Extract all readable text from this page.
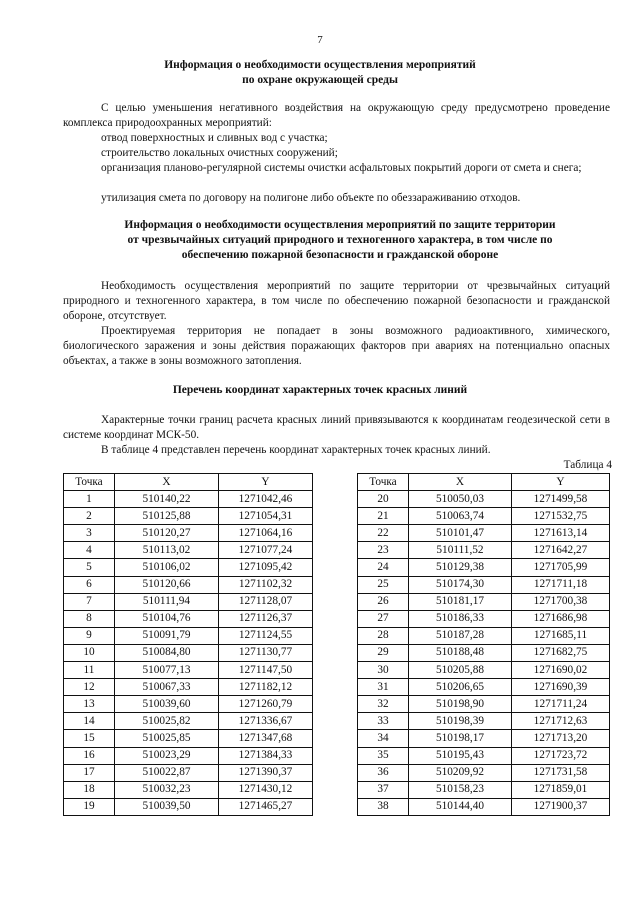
7
Информация о необходимости осуществления мероприятий
по охране окружающей среды
С целью уменьшения негативного воздействия на окружающую среду предусмотрено проведение комплекса природоохранных мероприятий:
отвод поверхностных и сливных вод с участка;
строительство локальных очистных сооружений;
организация планово-регулярной системы очистки асфальтовых покрытий дороги от смета и снега;
утилизация смета по договору на полигоне либо объекте по обеззараживанию отходов.
Информация о необходимости осуществления мероприятий по защите территории
от чрезвычайных ситуаций природного и техногенного характера, в том числе по
обеспечению пожарной безопасности и гражданской обороне
Необходимость осуществления мероприятий по защите территории от чрезвычайных ситуаций природного и техногенного характера, в том числе по обеспечению пожарной безопасности и гражданской обороне, отсутствует.
Проектируемая территория не попадает в зоны возможного радиоактивного, химического, биологического заражения и зоны действия поражающих факторов при авариях на потенциально опасных объектах, а также в зоны возможного затопления.
Перечень координат характерных точек красных линий
Характерные точки границ расчета красных линий привязываются к координатам геодезической сети в системе координат МСК-50.
В таблице 4 представлен перечень координат характерных точек красных линий.
Таблица 4
Точка	X	Y
1	510140,22	1271042,46
2	510125,88	1271054,31
3	510120,27	1271064,16
4	510113,02	1271077,24
5	510106,02	1271095,42
6	510120,66	1271102,32
7	510111,94	1271128,07
8	510104,76	1271126,37
9	510091,79	1271124,55
10	510084,80	1271130,77
11	510077,13	1271147,50
12	510067,33	1271182,12
13	510039,60	1271260,79
14	510025,82	1271336,67
15	510025,85	1271347,68
16	510023,29	1271384,33
17	510022,87	1271390,37
18	510032,23	1271430,12
19	510039,50	1271465,27
Точка	X	Y
20	510050,03	1271499,58
21	510063,74	1271532,75
22	510101,47	1271613,14
23	510111,52	1271642,27
24	510129,38	1271705,99
25	510174,30	1271711,18
26	510181,17	1271700,38
27	510186,33	1271686,98
28	510187,28	1271685,11
29	510188,48	1271682,75
30	510205,88	1271690,02
31	510206,65	1271690,39
32	510198,90	1271711,24
33	510198,39	1271712,63
34	510198,17	1271713,20
35	510195,43	1271723,72
36	510209,92	1271731,58
37	510158,23	1271859,01
38	510144,40	1271900,37
